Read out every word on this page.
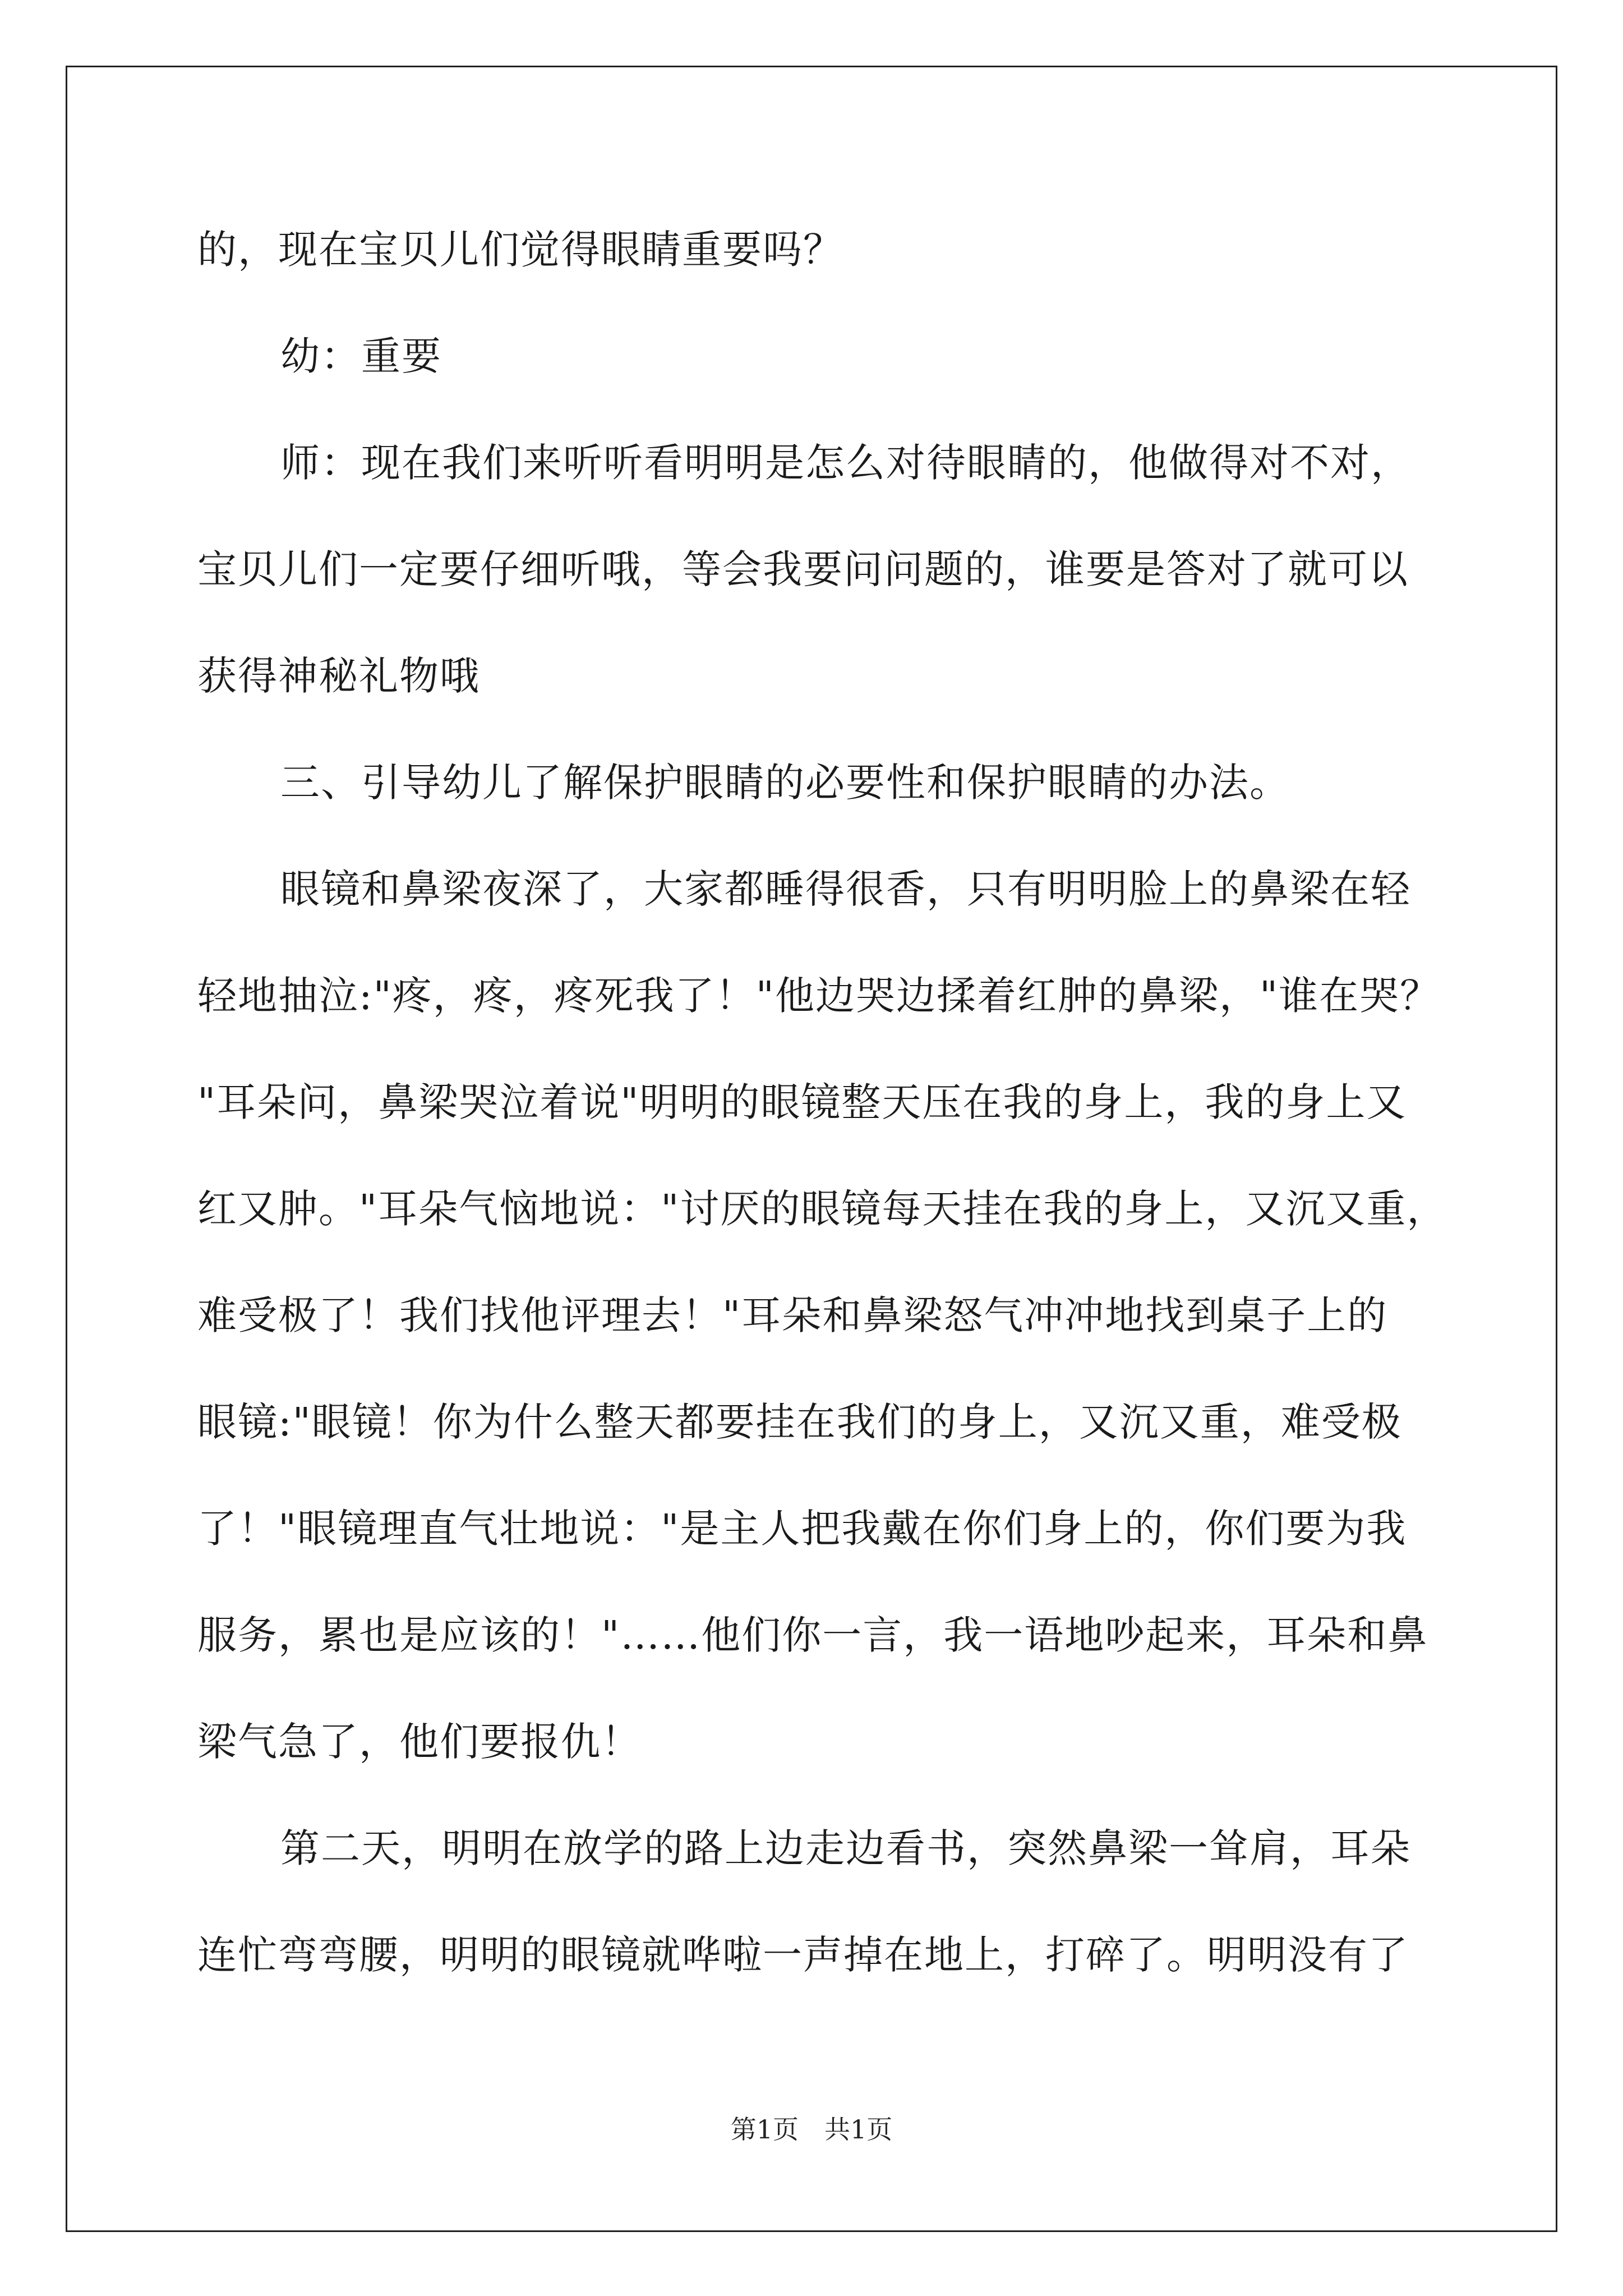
的，现在宝贝儿们觉得眼睛重要吗？
幼：重要
师：现在我们来听听看明明是怎么对待眼睛的，他做得对不对，
宝贝儿们一定要仔细听哦，等会我要问问题的，谁要是答对了就可以
获得神秘礼物哦
三、引导幼儿了解保护眼睛的必要性和保护眼睛的办法。
眼镜和鼻梁夜深了，大家都睡得很香，只有明明脸上的鼻梁在轻
轻地抽泣:"疼，疼，疼死我了！"他边哭边揉着红肿的鼻梁，"谁在哭？
"耳朵问，鼻梁哭泣着说"明明的眼镜整天压在我的身上，我的身上又
红又肿。"耳朵气恼地说："讨厌的眼镜每天挂在我的身上，又沉又重，
难受极了！我们找他评理去！"耳朵和鼻梁怒气冲冲地找到桌子上的
眼镜:"眼镜！你为什么整天都要挂在我们的身上，又沉又重，难受极
了！"眼镜理直气壮地说："是主人把我戴在你们身上的，你们要为我
服务，累也是应该的！"……他们你一言，我一语地吵起来，耳朵和鼻
梁气急了，他们要报仇！
第二天，明明在放学的路上边走边看书，突然鼻梁一耸肩，耳朵
连忙弯弯腰，明明的眼镜就哗啦一声掉在地上，打碎了。明明没有了
第1页　共1页
